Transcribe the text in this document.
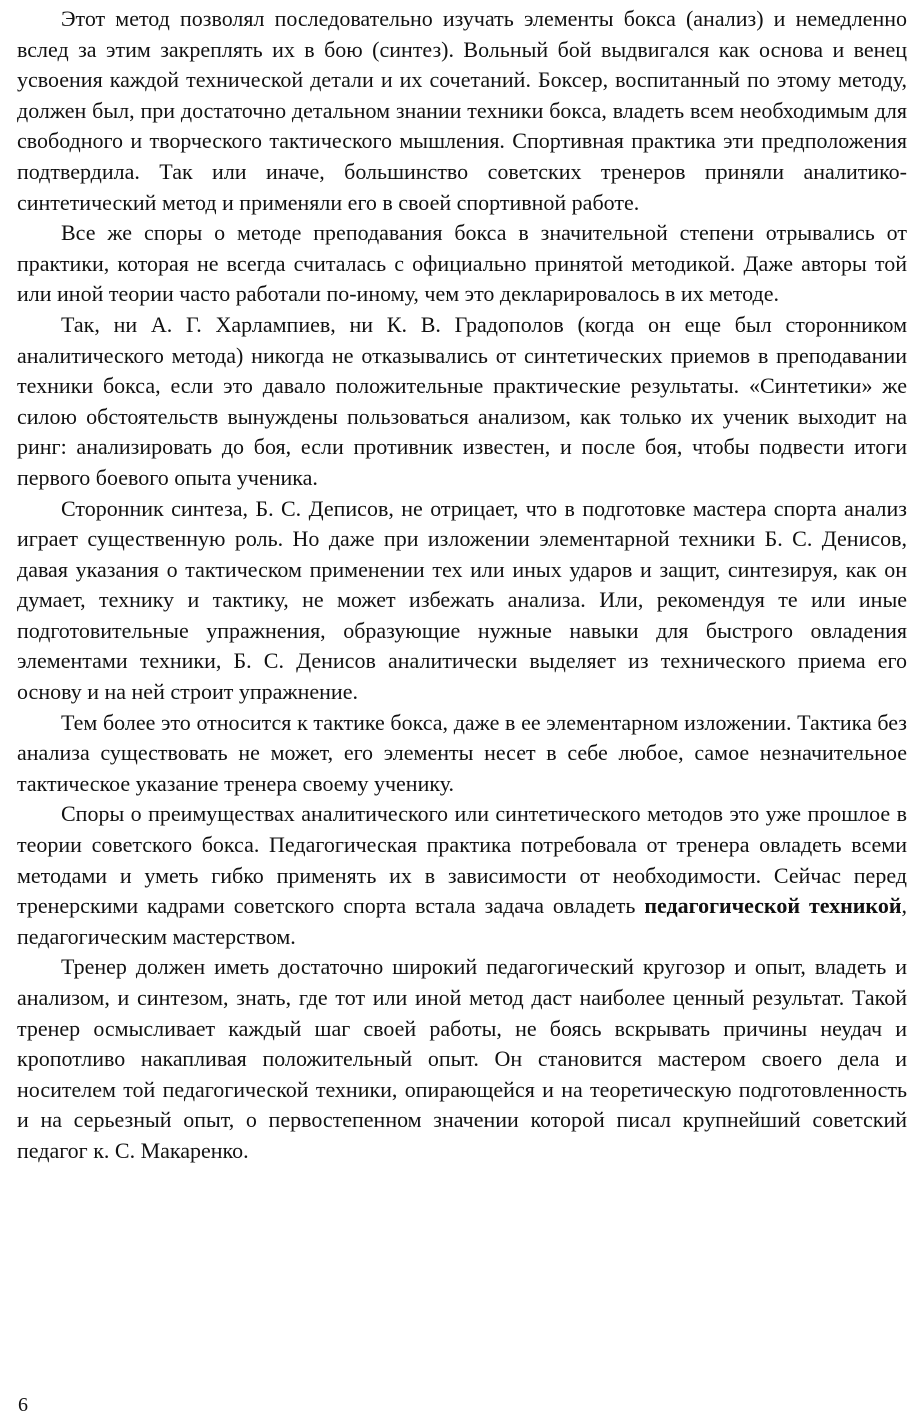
Этот метод позволял последовательно изучать элементы бокса (анализ) и немедленно вслед за этим закреплять их в бою (синтез). Вольный бой выдвигался как основа и венец усвоения каждой технической детали и их сочетаний. Боксер, воспитанный по этому методу, должен был, при достаточно детальном знании техники бокса, владеть всем необходимым для свободного и творческого тактического мышления. Спортивная практика эти предположения подтвердила. Так или иначе, большинство советских тренеров приняли аналитико-синтетический метод и применяли его в своей спортивной работе.

Все же споры о методе преподавания бокса в значительной степени отрывались от практики, которая не всегда считалась с официально принятой методикой. Даже авторы той или иной теории часто работали по-иному, чем это декларировалось в их методе.

Так, ни А. Г. Харлампиев, ни К. В. Градополов (когда он еще был сторонником аналитического метода) никогда не отказывались от синтетических приемов в преподавании техники бокса, если это давало положительные практические результаты. «Синтетики» же силою обстоятельств вынуждены пользоваться анализом, как только их ученик выходит на ринг: анализировать до боя, если противник известен, и после боя, чтобы подвести итоги первого боевого опыта ученика.

Сторонник синтеза, Б. С. Деписов, не отрицает, что в подготовке мастера спорта анализ играет существенную роль. Но даже при изложении элементарной техники Б. С. Денисов, давая указания о тактическом применении тех или иных ударов и защит, синтезируя, как он думает, технику и тактику, не может избежать анализа. Или, рекомендуя те или иные подготовительные упражнения, образующие нужные навыки для быстрого овладения элементами техники, Б. С. Денисов аналитически выделяет из технического приема его основу и на ней строит упражнение.

Тем более это относится к тактике бокса, даже в ее элементарном изложении. Тактика без анализа существовать не может, его элементы несет в себе любое, самое незначительное тактическое указание тренера своему ученику.

Споры о преимуществах аналитического или синтетического методов это уже прошлое в теории советского бокса. Педагогическая практика потребовала от тренера овладеть всеми методами и уметь гибко применять их в зависимости от необходимости. Сейчас перед тренерскими кадрами советского спорта встала задача овладеть педагогической техникой, педагогическим мастерством.

Тренер должен иметь достаточно широкий педагогический кругозор и опыт, владеть и анализом, и синтезом, знать, где тот или иной метод даст наиболее ценный результат. Такой тренер осмысливает каждый шаг своей работы, не боясь вскрывать причины неудач и кропотливо накапливая положительный опыт. Он становится мастером своего дела и носителем той педагогической техники, опирающейся и на теоретическую подготовленность и на серьезный опыт, о первостепенном значении которой писал крупнейший советский педагог к. С. Макаренко.

6
